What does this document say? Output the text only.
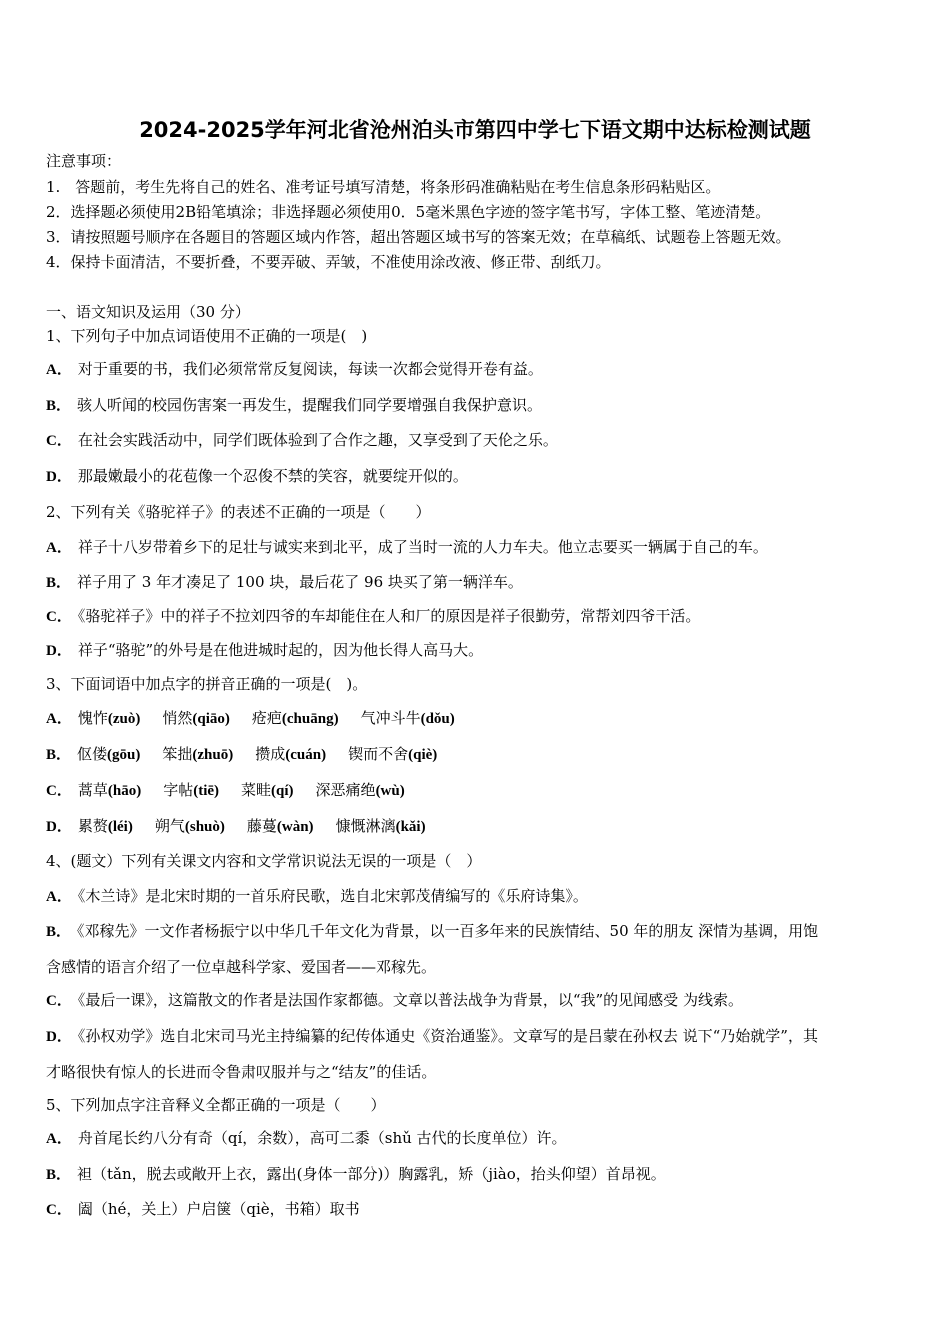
2024-2025学年河北省沧州泊头市第四中学七下语文期中达标检测试题
注意事项：
1.　答题前，考生先将自己的姓名、准考证号填写清楚，将条形码准确粘贴在考生信息条形码粘贴区。
2．选择题必须使用2B铅笔填涂；非选择题必须使用0．5毫米黑色字迹的签字笔书写，字体工整、笔迹清楚。
3．请按照题号顺序在各题目的答题区域内作答，超出答题区域书写的答案无效；在草稿纸、试题卷上答题无效。
4．保持卡面清洁，不要折叠，不要弄破、弄皱，不准使用涂改液、修正带、刮纸刀。
一、语文知识及运用（30 分）
1、下列句子中加点词语使用不正确的一项是(　)
A． 对于重要的书，我们必须常常反复阅读，每读一次都会觉得开卷有益。
B． 骇人听闻的校园伤害案一再发生，提醒我们同学要增强自我保护意识。
C． 在社会实践活动中，同学们既体验到了合作之趣，又享受到了天伦之乐。
D． 那最嫩最小的花苞像一个忍俊不禁的笑容，就要绽开似的。
2、下列有关《骆驼祥子》的表述不正确的一项是（　　）
A． 祥子十八岁带着乡下的足壮与诚实来到北平，成了当时一流的人力车夫。他立志要买一辆属于自己的车。
B． 祥子用了 3 年才凑足了 100 块，最后花了 96 块买了第一辆洋车。
C． 《骆驼祥子》中的祥子不拉刘四爷的车却能住在人和厂的原因是祥子很勤劳，常帮刘四爷干活。
D． 祥子“骆驼”的外号是在他进城时起的，因为他长得人高马大。
3、下面词语中加点字的拼音正确的一项是(　)。
A． 愧怍(zuò) 悄然(qiāo) 疮疤(chuāng) 气冲斗牛(dǒu)
B． 伛偻(gōu) 笨拙(zhuō) 攒成(cuán) 锲而不舍(qiè)
C． 蒿草(hāo) 字帖(tiē) 菜畦(qí) 深恶痛绝(wù)
D． 累赘(léi) 朔气(shuò) 藤蔓(wàn) 慷慨淋漓(kǎi)
4、(题文）下列有关课文内容和文学常识说法无误的一项是（　）
A． 《木兰诗》是北宋时期的一首乐府民歌，选自北宋郭茂倩编写的《乐府诗集》。
B． 《邓稼先》一文作者杨振宁以中华几千年文化为背景，以一百多年来的民族情结、50 年的朋友 深情为基调，用饱
含感情的语言介绍了一位卓越科学家、爱国者——邓稼先。
C． 《最后一课》，这篇散文的作者是法国作家都德。文章以普法战争为背景，以“我”的见闻感受 为线索。
D． 《孙权劝学》选自北宋司马光主持编纂的纪传体通史《资治通鉴》。文章写的是吕蒙在孙权去 说下“乃始就学”，其
才略很快有惊人的长进而令鲁肃叹服并与之“结友”的佳话。
5、下列加点字注音释义全都正确的一项是（　　）
A． 舟首尾长约八分有奇（qí，余数），高可二黍（shǔ 古代的长度单位）许。
B． 袒（tǎn，脱去或敞开上衣，露出(身体一部分)）胸露乳，矫（jiào，抬头仰望）首昂视。
C． 阖（hé，关上）户启箧（qiè，书箱）取书
